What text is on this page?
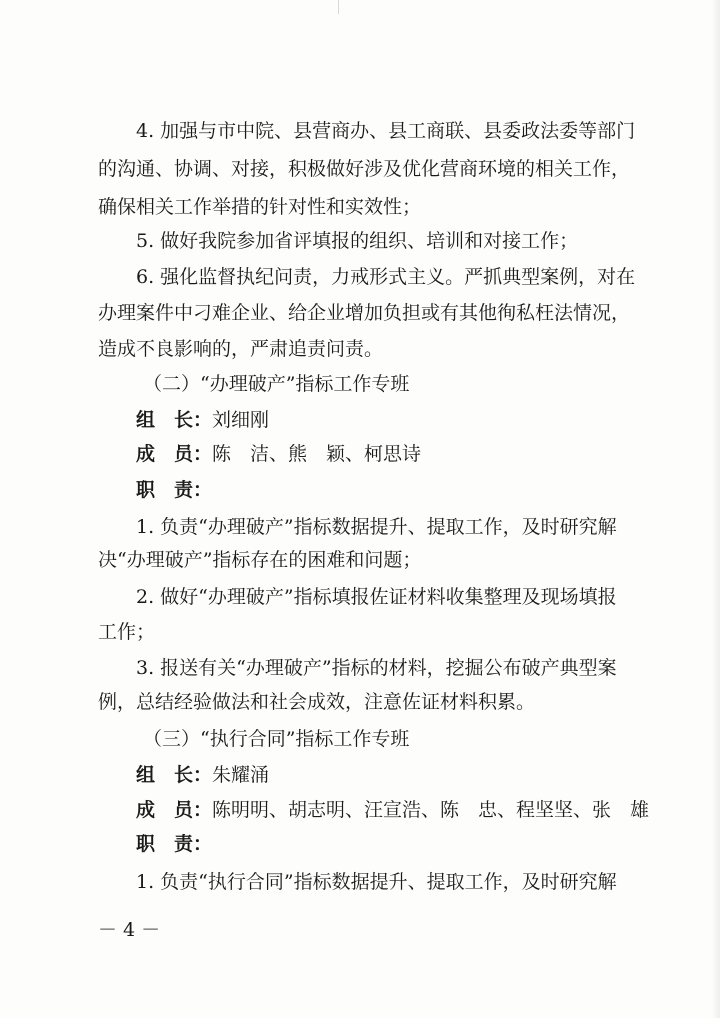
4. 加强与市中院、县营商办、县工商联、县委政法委等部门
的沟通、协调、对接，积极做好涉及优化营商环境的相关工作，
确保相关工作举措的针对性和实效性；
5. 做好我院参加省评填报的组织、培训和对接工作；
6. 强化监督执纪问责，力戒形式主义。严抓典型案例，对在
办理案件中刁难企业、给企业增加负担或有其他徇私枉法情况，
造成不良影响的，严肃追责问责。
（二）“办理破产”指标工作专班
组　长：刘细刚
成　员：陈　洁、熊　颖、柯思诗
职　责：
1. 负责“办理破产”指标数据提升、提取工作，及时研究解
决“办理破产”指标存在的困难和问题；
2. 做好“办理破产”指标填报佐证材料收集整理及现场填报
工作；
3. 报送有关“办理破产”指标的材料，挖掘公布破产典型案
例，总结经验做法和社会成效，注意佐证材料积累。
（三）“执行合同”指标工作专班
组　长：朱耀涌
成　员：陈明明、胡志明、汪宣浩、陈　忠、程坚坚、张　雄
职　责：
1. 负责“执行合同”指标数据提升、提取工作，及时研究解
－ 4 －
